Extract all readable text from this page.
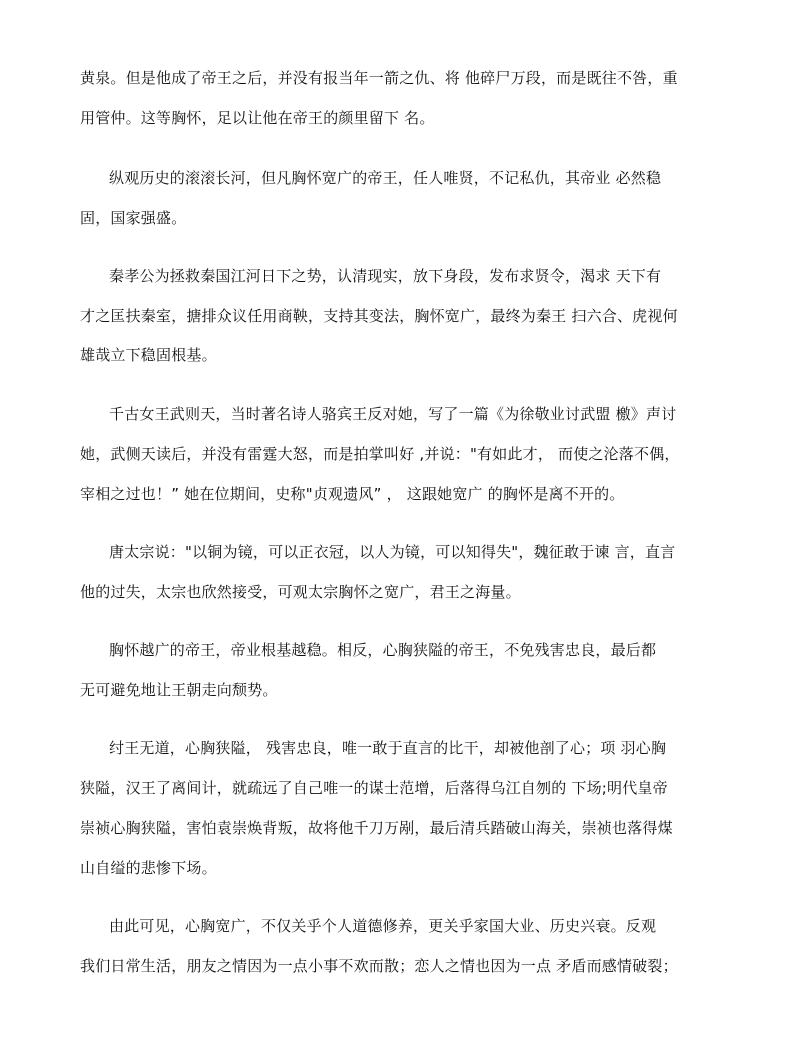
黄泉。但是他成了帝王之后，并没有报当年一箭之仇、将 他碎尸万段，而是既往不咎，重
用管仲。这等胸怀，足以让他在帝王的颜里留下 名。
纵观历史的滚滚长河，但凡胸怀宽广的帝王，任人唯贤，不记私仇，其帝业 必然稳
固，国家强盛。
秦孝公为拯救秦国江河日下之势，认清现实，放下身段，发布求贤令，渴求 天下有
才之匡扶秦室，搪排众议任用商鞅，支持其变法，胸怀宽广，最终为秦王 扫六合、虎视何
雄哉立下稳固根基。
千古女王武则天，当时著名诗人骆宾王反对她，写了一篇《为徐敬业讨武盟 檄》声讨
她，武侧天读后，并没有雷霆大怒，而是拍掌叫好 ,并说："有如此才， 而使之沦落不偶，
宰相之过也！” 她在位期间，史称"贞观遗风” ， 这跟她宽广 的胸怀是离不开的。
唐太宗说："以铜为镜，可以正衣冠，以人为镜，可以知得失"，魏征敢于谏 言，直言
他的过失，太宗也欣然接受，可观太宗胸怀之宽广，君王之海量。
胸怀越广的帝王，帝业根基越稳。相反，心胸狭隘的帝王，不免残害忠良，最后都
无可避免地让王朝走向颓势。
纣王无道，心胸狭隘， 残害忠良，唯一敢于直言的比干，却被他剖了心；项 羽心胸
狭隘，汉王了离间计，就疏远了自己唯一的谋士范增，后落得乌江自刎的 下场;明代皇帝
崇祯心胸狭隘，害怕袁崇焕背叛，故将他千刀万剐，最后清兵踏破山海关，崇祯也落得煤
山自缢的悲惨下场。
由此可见，心胸宽广，不仅关乎个人道德修养，更关乎家国大业、历史兴衰。反观
我们日常生活，朋友之情因为一点小事不欢而散；恋人之情也因为一点 矛盾而感情破裂；
